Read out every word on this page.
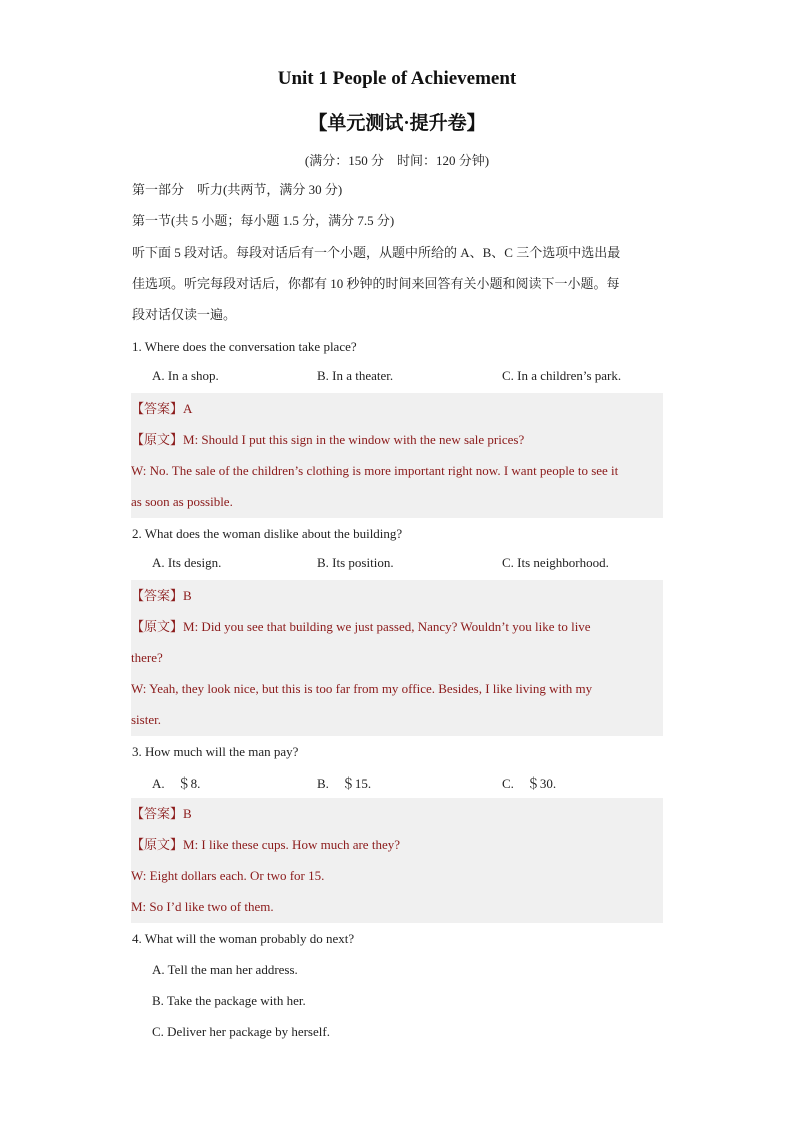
Unit 1 People of Achievement
【单元测试·提升卷】
(满分：150 分　时间：120 分钟)
第一部分　听力(共两节，满分 30 分)
第一节(共 5 小题；每小题 1.5 分，满分 7.5 分)
听下面 5 段对话。每段对话后有一个小题，从题中所给的 A、B、C 三个选项中选出最
佳选项。听完每段对话后，你都有 10 秒钟的时间来回答有关小题和阅读下一小题。每
段对话仅读一遍。
1. Where does the conversation take place?
A. In a shop.	B. In a theater.	C. In a children’s park.
【答案】A
【原文】M: Should I put this sign in the window with the new sale prices?
W: No. The sale of the children’s clothing is more important right now. I want people to see it
as soon as possible.
2. What does the woman dislike about the building?
A. Its design.	B. Its position.	C. Its neighborhood.
【答案】B
【原文】M: Did you see that building we just passed, Nancy? Wouldn’t you like to live
there?
W: Yeah, they look nice, but this is too far from my office. Besides, I like living with my
sister.
3. How much will the man pay?
A.　＄8.	B.　＄15.	C.　＄30.
【答案】B
【原文】M: I like these cups. How much are they?
W: Eight dollars each. Or two for 15.
M: So I’d like two of them.
4. What will the woman probably do next?
A. Tell the man her address.
B. Take the package with her.
C. Deliver her package by herself.
